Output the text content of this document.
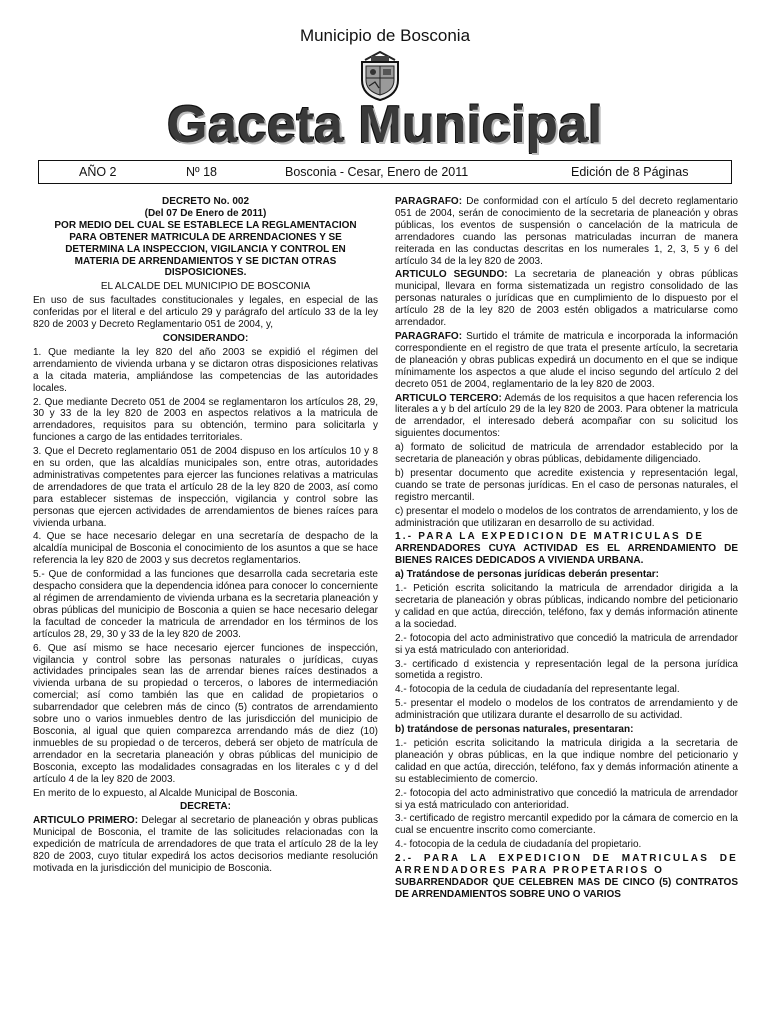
Municipio de Bosconia
Gaceta Municipal
AÑO 2	Nº 18	Bosconia - Cesar, Enero de 2011	Edición de 8 Páginas

DECRETO No. 002

(Del 07 De Enero de 2011)

POR MEDIO DEL CUAL SE ESTABLECE LA REGLAMENTACION PARA OBTENER MATRICULA DE ARRENDACIONES Y SE DETERMINA LA INSPECCION, VIGILANCIA Y CONTROL EN MATERIA DE ARRENDAMIENTOS Y SE DICTAN OTRAS DISPOSICIONES.

EL ALCALDE DEL MUNICIPIO DE BOSCONIA

En uso de sus facultades constitucionales y legales, en especial de las conferidas por el literal e del articulo 29 y parágrafo del artículo 33 de la ley 820 de 2003 y Decreto Reglamentario 051 de 2004, y,

CONSIDERANDO:

1. Que mediante la ley 820 del año 2003 se expidió el régimen del arrendamiento de vivienda urbana y se dictaron otras disposiciones relativas a la citada materia, ampliándose las competencias de las autoridades locales.

2. Que mediante Decreto 051 de 2004 se reglamentaron los artículos 28, 29, 30 y 33 de la ley 820 de 2003 en aspectos relativos a la matricula de arrendadores, requisitos para su obtención, termino para solicitarla y funciones a cargo de las entidades territoriales.

3. Que el Decreto reglamentario 051 de 2004 dispuso en los artículos 10 y 8 en su orden, que las alcaldías municipales son, entre otras, autoridades administrativas competentes para ejercer las funciones relativas a matriculas de arrendadores de que trata el artículo 28 de la ley 820 de 2003, así como para establecer sistemas de inspección, vigilancia y control sobre las personas que ejercen actividades de arrendamientos de bienes raíces para vivienda urbana.

4. Que se hace necesario delegar en una secretaría de despacho de la alcaldía municipal de Bosconia el conocimiento de los asuntos a que se hace referencia la ley 820 de 2003 y sus decretos reglamentarios.

5.- Que de conformidad a las funciones que desarrolla cada secretaria este despacho considera que la dependencia idónea para conocer lo concerniente al régimen de arrendamiento de vivienda urbana es la secretaria planeación y obras públicas del municipio de Bosconia a quien se hace necesario delegar la facultad de conceder la matricula de arrendador en los términos de los artículos 28, 29, 30 y 33 de la ley 820 de 2003.

6. Que así mismo se hace necesario ejercer funciones de inspección, vigilancia y control sobre las personas naturales o jurídicas, cuyas actividades principales sean las de arrendar bienes raíces destinados a vivienda urbana de su propiedad o terceros, o labores de intermediación comercial; así como también las que en calidad de propietarios o subarrendador que celebren más de cinco (5) contratos de arrendamiento sobre uno o varios inmuebles dentro de las jurisdicción del municipio de Bosconia, al igual que quien comparezca arrendando más de diez (10) inmuebles de su propiedad o de terceros, deberá ser objeto de matrícula de arrendador en la secretaria planeación y obras públicas del municipio de Bosconia, excepto las modalidades consagradas en los literales c y d del artículo 4 de la ley 820 de 2003.

En merito de lo expuesto, al Alcalde Municipal de Bosconia.

DECRETA:

ARTICULO PRIMERO: Delegar al secretario de planeación y obras publicas Municipal de Bosconia, el tramite de las solicitudes relacionadas con la expedición de matrícula de arrendadores de que trata el artículo 28 de la ley 820 de 2003, cuyo titular expedirá los actos decisorios mediante resolución motivada en la jurisdicción del municipio de Bosconia.

PARAGRAFO: De conformidad con el artículo 5 del decreto reglamentario 051 de 2004, serán de conocimiento de la secretaria de planeación y obras públicas, los eventos de suspensión o cancelación de la matricula de arrendadores cuando las personas matriculadas incurran de manera reiterada en las conductas descritas en los numerales 1, 2, 3, 5 y 6 del artículo 34 de la ley 820 de 2003.

ARTICULO SEGUNDO: La secretaria de planeación y obras públicas municipal, llevara en forma sistematizada un registro consolidado de las personas naturales o jurídicas que en cumplimiento de lo dispuesto por el artículo 28 de la ley 820 de 2003 estén obligados a matricularse como arrendador.

PARAGRAFO: Surtido el trámite de matricula e incorporada la información correspondiente en el registro de que trata el presente artículo, la secretaria de planeación y obras publicas expedirá un documento en el que se indique mínimamente los aspectos a que alude el inciso segundo del artículo 2 del decreto 051 de 2004, reglamentario de la ley 820 de 2003.

ARTICULO TERCERO: Además de los requisitos a que hacen referencia los literales a y b del artículo 29 de la ley 820 de 2003. Para obtener la matricula de arrendador, el interesado deberá acompañar con su solicitud los siguientes documentos:

a) formato de solicitud de matricula de arrendador establecido por la secretaria de planeación y obras públicas, debidamente diligenciado.

b) presentar documento que acredite existencia y representación legal, cuando se trate de personas jurídicas. En el caso de personas naturales, el registro mercantil.

c) presentar el modelo o modelos de los contratos de arrendamiento, y los de administración que utilizaran en desarrollo de su actividad.

1.- PARA LA EXPEDICION DE MATRICULAS DE

ARRENDADORES CUYA ACTIVIDAD ES EL ARRENDAMIENTO DE BIENES RAICES DEDICADOS A VIVIENDA URBANA.

a) Tratándose de personas jurídicas deberán presentar:

1.- Petición escrita solicitando la matricula de arrendador dirigida a la secretaria de planeación y obras públicas, indicando nombre del peticionario y calidad en que actúa, dirección, teléfono, fax y demás información atinente a la sociedad.

2.- fotocopia del acto administrativo que concedió la matricula de arrendador si ya está matriculado con anterioridad.

3.- certificado d existencia y representación legal de la persona jurídica sometida a registro.

4.- fotocopia de la cedula de ciudadanía del representante legal.

5.- presentar el modelo o modelos de los contratos de arrendamiento y de administración que utilizara durante el desarrollo de su actividad.

b) tratándose de personas naturales, presentaran:

1.- petición escrita solicitando la matricula dirigida a la secretaria de planeación y obras públicas, en la que indique nombre del peticionario y calidad en que actúa, dirección, teléfono, fax y demás información atinente a su establecimiento de comercio.

2.- fotocopia del acto administrativo que concedió la matricula de arrendador si ya está matriculado con anterioridad.

3.- certificado de registro mercantil expedido por la cámara de comercio en la cual se encuentre inscrito como comerciante.

4.- fotocopia de la cedula de ciudadanía del propietario.

2.- PARA LA EXPEDICION DE MATRICULAS DE ARRENDADORES PARA PROPETARIOS O

SUBARRENDADOR QUE CELEBREN MAS DE CINCO (5) CONTRATOS DE ARRENDAMIENTOS SOBRE UNO O VARIOS
